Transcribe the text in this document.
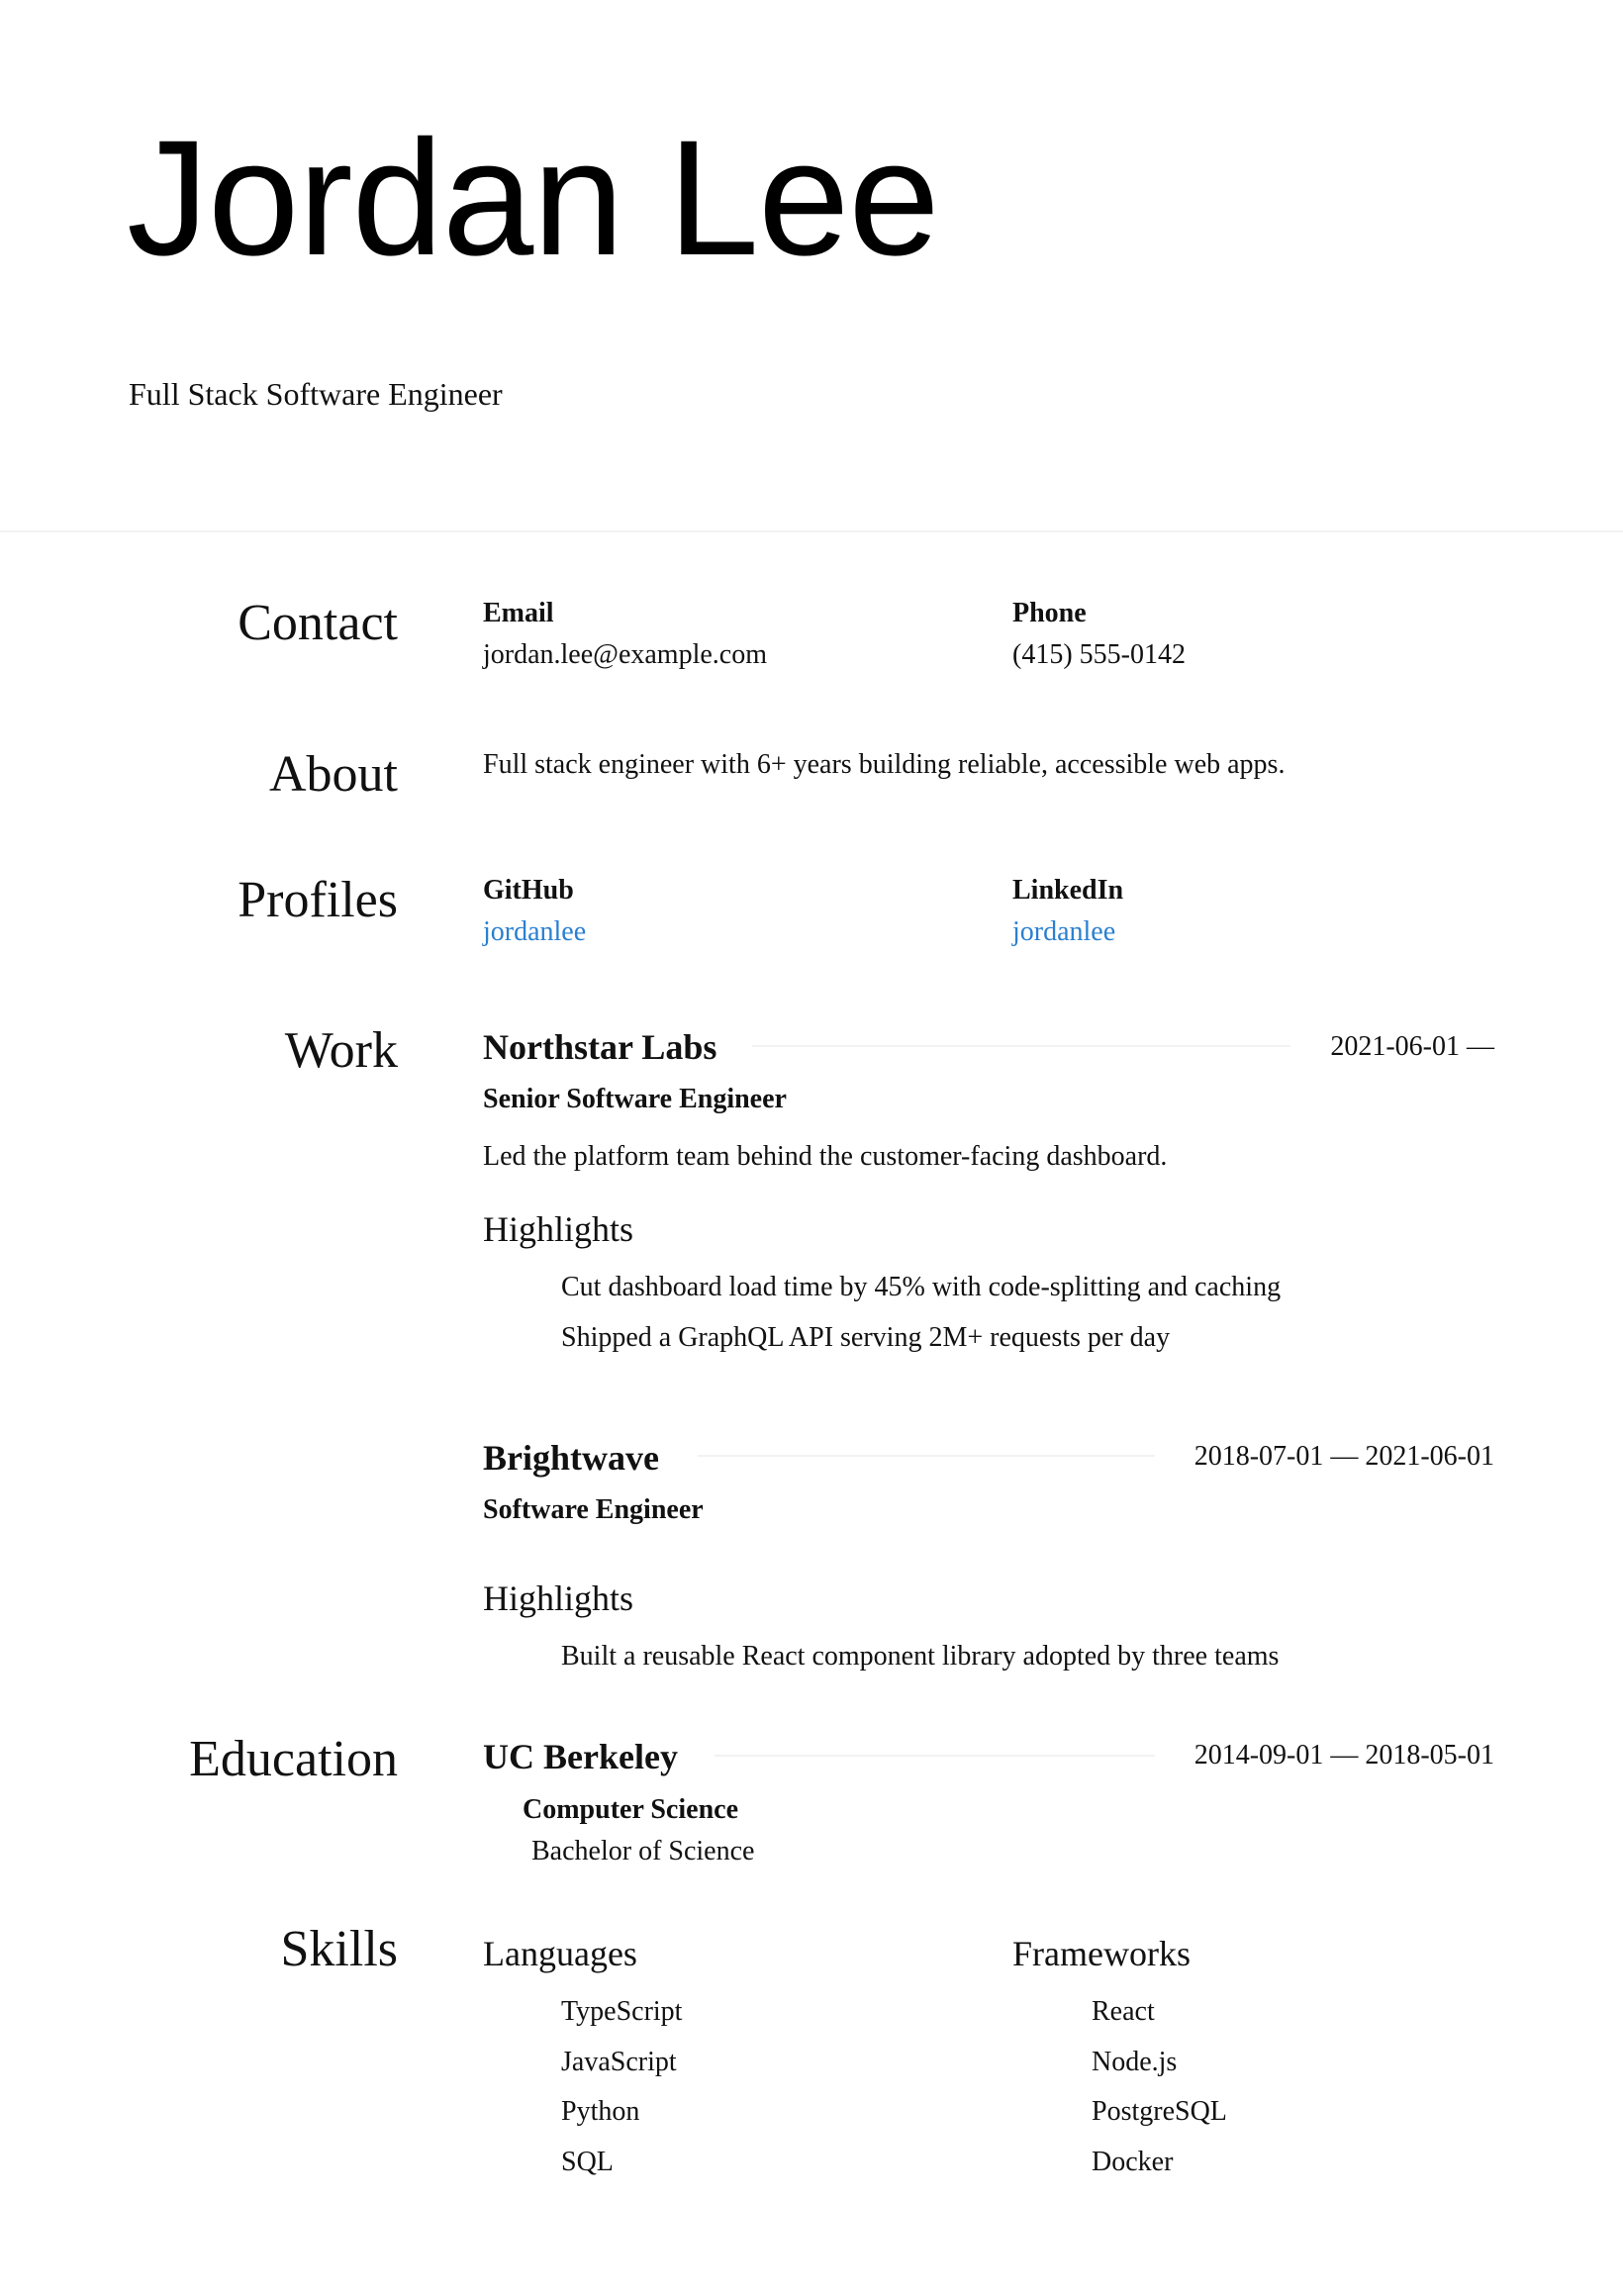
Jordan Lee
Full Stack Software Engineer
Contact	Email
jordan.lee@example.com
Phone
(415) 555-0142
About	Full stack engineer with 6+ years building reliable, accessible web apps.
Profiles	GitHub
jordanlee
LinkedIn
jordanlee
Work Northstar Labs	2021-06-01 —
Senior Software Engineer
Led the platform team behind the customer-facing dashboard.
Highlights
Cut dashboard load time by 45% with code-splitting and caching
Shipped a GraphQL API serving 2M+ requests per day
Brightwave	2018-07-01 — 2021-06-01
Software Engineer
Highlights
Built a reusable React component library adopted by three teams
Education UC Berkeley	2014-09-01 — 2018-05-01
Computer Science
Bachelor of Science
Skills Languages
TypeScript
JavaScript
Python
SQL
Frameworks
React
Node.js
PostgreSQL
Docker
